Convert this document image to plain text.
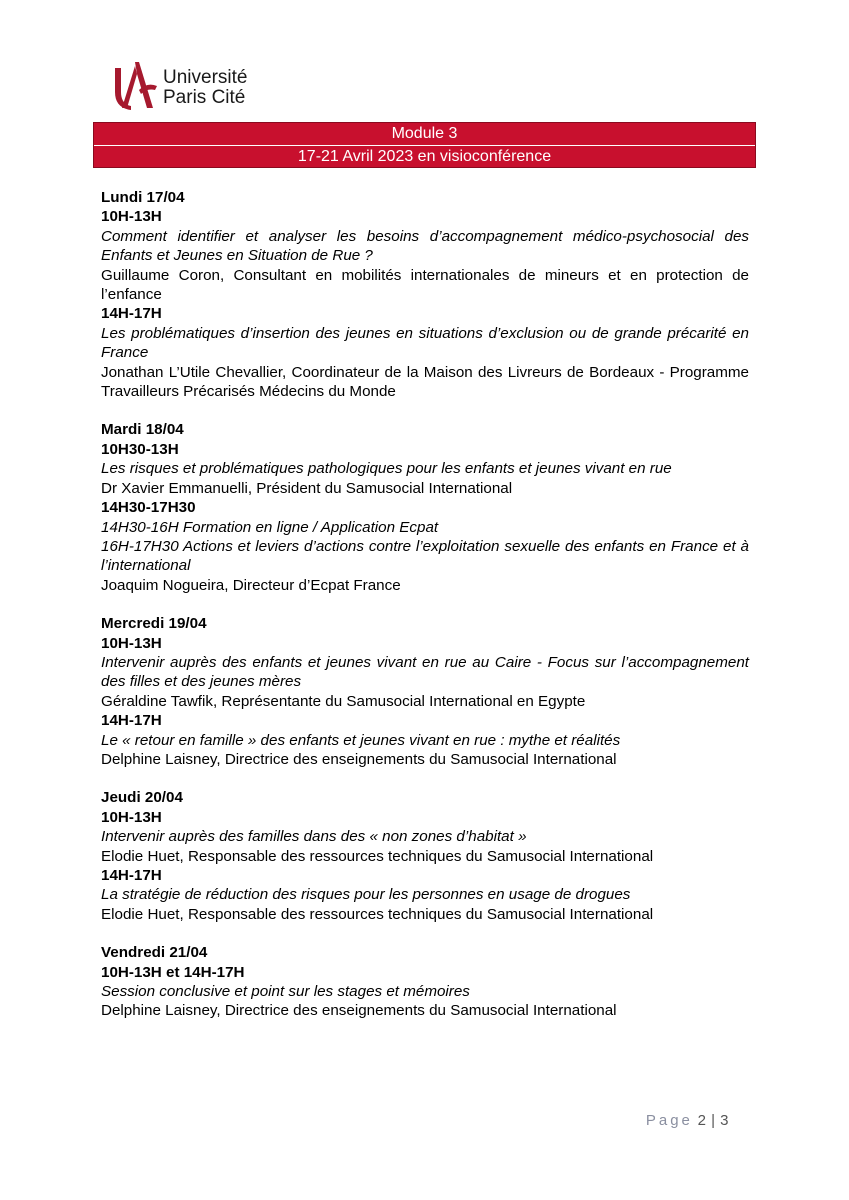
Université
Paris Cité
Module 3
17-21 Avril 2023 en visioconférence
Lundi 17/04
10H-13H
Comment identifier et analyser les besoins d’accompagnement médico-psychosocial des Enfants et Jeunes en Situation de Rue ?
Guillaume Coron, Consultant en mobilités internationales de mineurs et en protection de l’enfance
14H-17H
Les problématiques d’insertion des jeunes en situations d’exclusion ou de grande précarité en France
Jonathan L’Utile Chevallier, Coordinateur de la Maison des Livreurs de Bordeaux - Programme Travailleurs Précarisés Médecins du Monde
Mardi 18/04
10H30-13H
Les risques et problématiques pathologiques pour les enfants et jeunes vivant en rue
Dr Xavier Emmanuelli, Président du Samusocial International
14H30-17H30
14H30-16H Formation en ligne / Application Ecpat
16H-17H30 Actions et leviers d’actions contre l’exploitation sexuelle des enfants en France et à l’international
Joaquim Nogueira, Directeur d’Ecpat France
Mercredi 19/04
10H-13H
Intervenir auprès des enfants et jeunes vivant en rue au Caire - Focus sur l’accompagnement des filles et des jeunes mères
Géraldine Tawfik, Représentante du Samusocial International en Egypte
14H-17H
Le « retour en famille » des enfants et jeunes vivant en rue : mythe et réalités
Delphine Laisney, Directrice des enseignements du Samusocial International
Jeudi 20/04
10H-13H
Intervenir auprès des familles dans des « non zones d’habitat »
Elodie Huet, Responsable des ressources techniques du Samusocial International
14H-17H
La stratégie de réduction des risques pour les personnes en usage de drogues
Elodie Huet, Responsable des ressources techniques du Samusocial International
Vendredi 21/04
10H-13H et 14H-17H
Session conclusive et point sur les stages et mémoires
Delphine Laisney, Directrice des enseignements du Samusocial International
Page 2 | 3
